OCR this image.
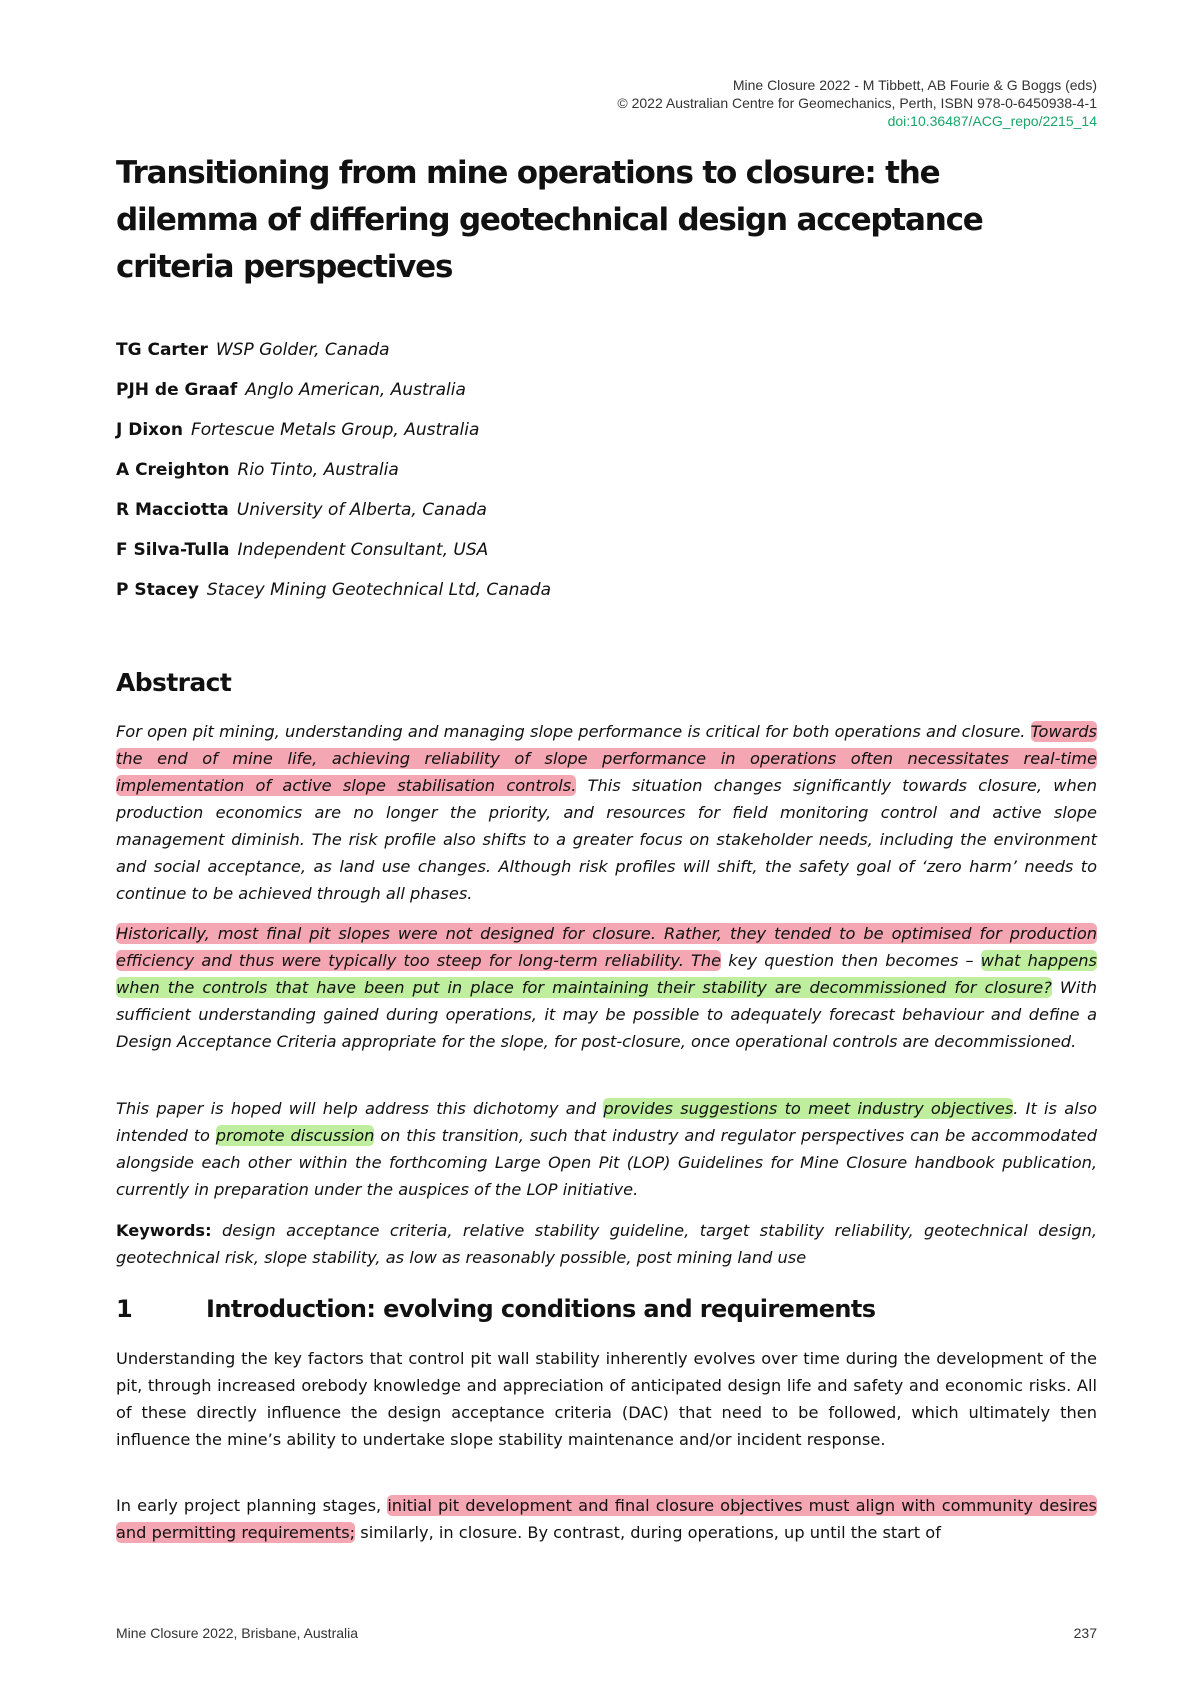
Mine Closure 2022 - M Tibbett, AB Fourie & G Boggs (eds)
© 2022 Australian Centre for Geomechanics, Perth, ISBN 978-0-6450938-4-1
doi:10.36487/ACG_repo/2215_14
Transitioning from mine operations to closure: the dilemma of differing geotechnical design acceptance criteria perspectives
TG Carter WSP Golder, Canada
PJH de Graaf Anglo American, Australia
J Dixon Fortescue Metals Group, Australia
A Creighton Rio Tinto, Australia
R Macciotta University of Alberta, Canada
F Silva-Tulla Independent Consultant, USA
P Stacey Stacey Mining Geotechnical Ltd, Canada
Abstract
For open pit mining, understanding and managing slope performance is critical for both operations and closure. Towards the end of mine life, achieving reliability of slope performance in operations often necessitates real-time implementation of active slope stabilisation controls. This situation changes significantly towards closure, when production economics are no longer the priority, and resources for field monitoring control and active slope management diminish. The risk profile also shifts to a greater focus on stakeholder needs, including the environment and social acceptance, as land use changes. Although risk profiles will shift, the safety goal of ‘zero harm’ needs to continue to be achieved through all phases.
Historically, most final pit slopes were not designed for closure. Rather, they tended to be optimised for production efficiency and thus were typically too steep for long-term reliability. The key question then becomes – what happens when the controls that have been put in place for maintaining their stability are decommissioned for closure? With sufficient understanding gained during operations, it may be possible to adequately forecast behaviour and define a Design Acceptance Criteria appropriate for the slope, for post-closure, once operational controls are decommissioned.
This paper is hoped will help address this dichotomy and provides suggestions to meet industry objectives. It is also intended to promote discussion on this transition, such that industry and regulator perspectives can be accommodated alongside each other within the forthcoming Large Open Pit (LOP) Guidelines for Mine Closure handbook publication, currently in preparation under the auspices of the LOP initiative.
Keywords: design acceptance criteria, relative stability guideline, target stability reliability, geotechnical design, geotechnical risk, slope stability, as low as reasonably possible, post mining land use
1	Introduction: evolving conditions and requirements
Understanding the key factors that control pit wall stability inherently evolves over time during the development of the pit, through increased orebody knowledge and appreciation of anticipated design life and safety and economic risks. All of these directly influence the design acceptance criteria (DAC) that need to be followed, which ultimately then influence the mine’s ability to undertake slope stability maintenance and/or incident response.
In early project planning stages, initial pit development and final closure objectives must align with community desires and permitting requirements; similarly, in closure. By contrast, during operations, up until the start of
Mine Closure 2022, Brisbane, Australia	237
